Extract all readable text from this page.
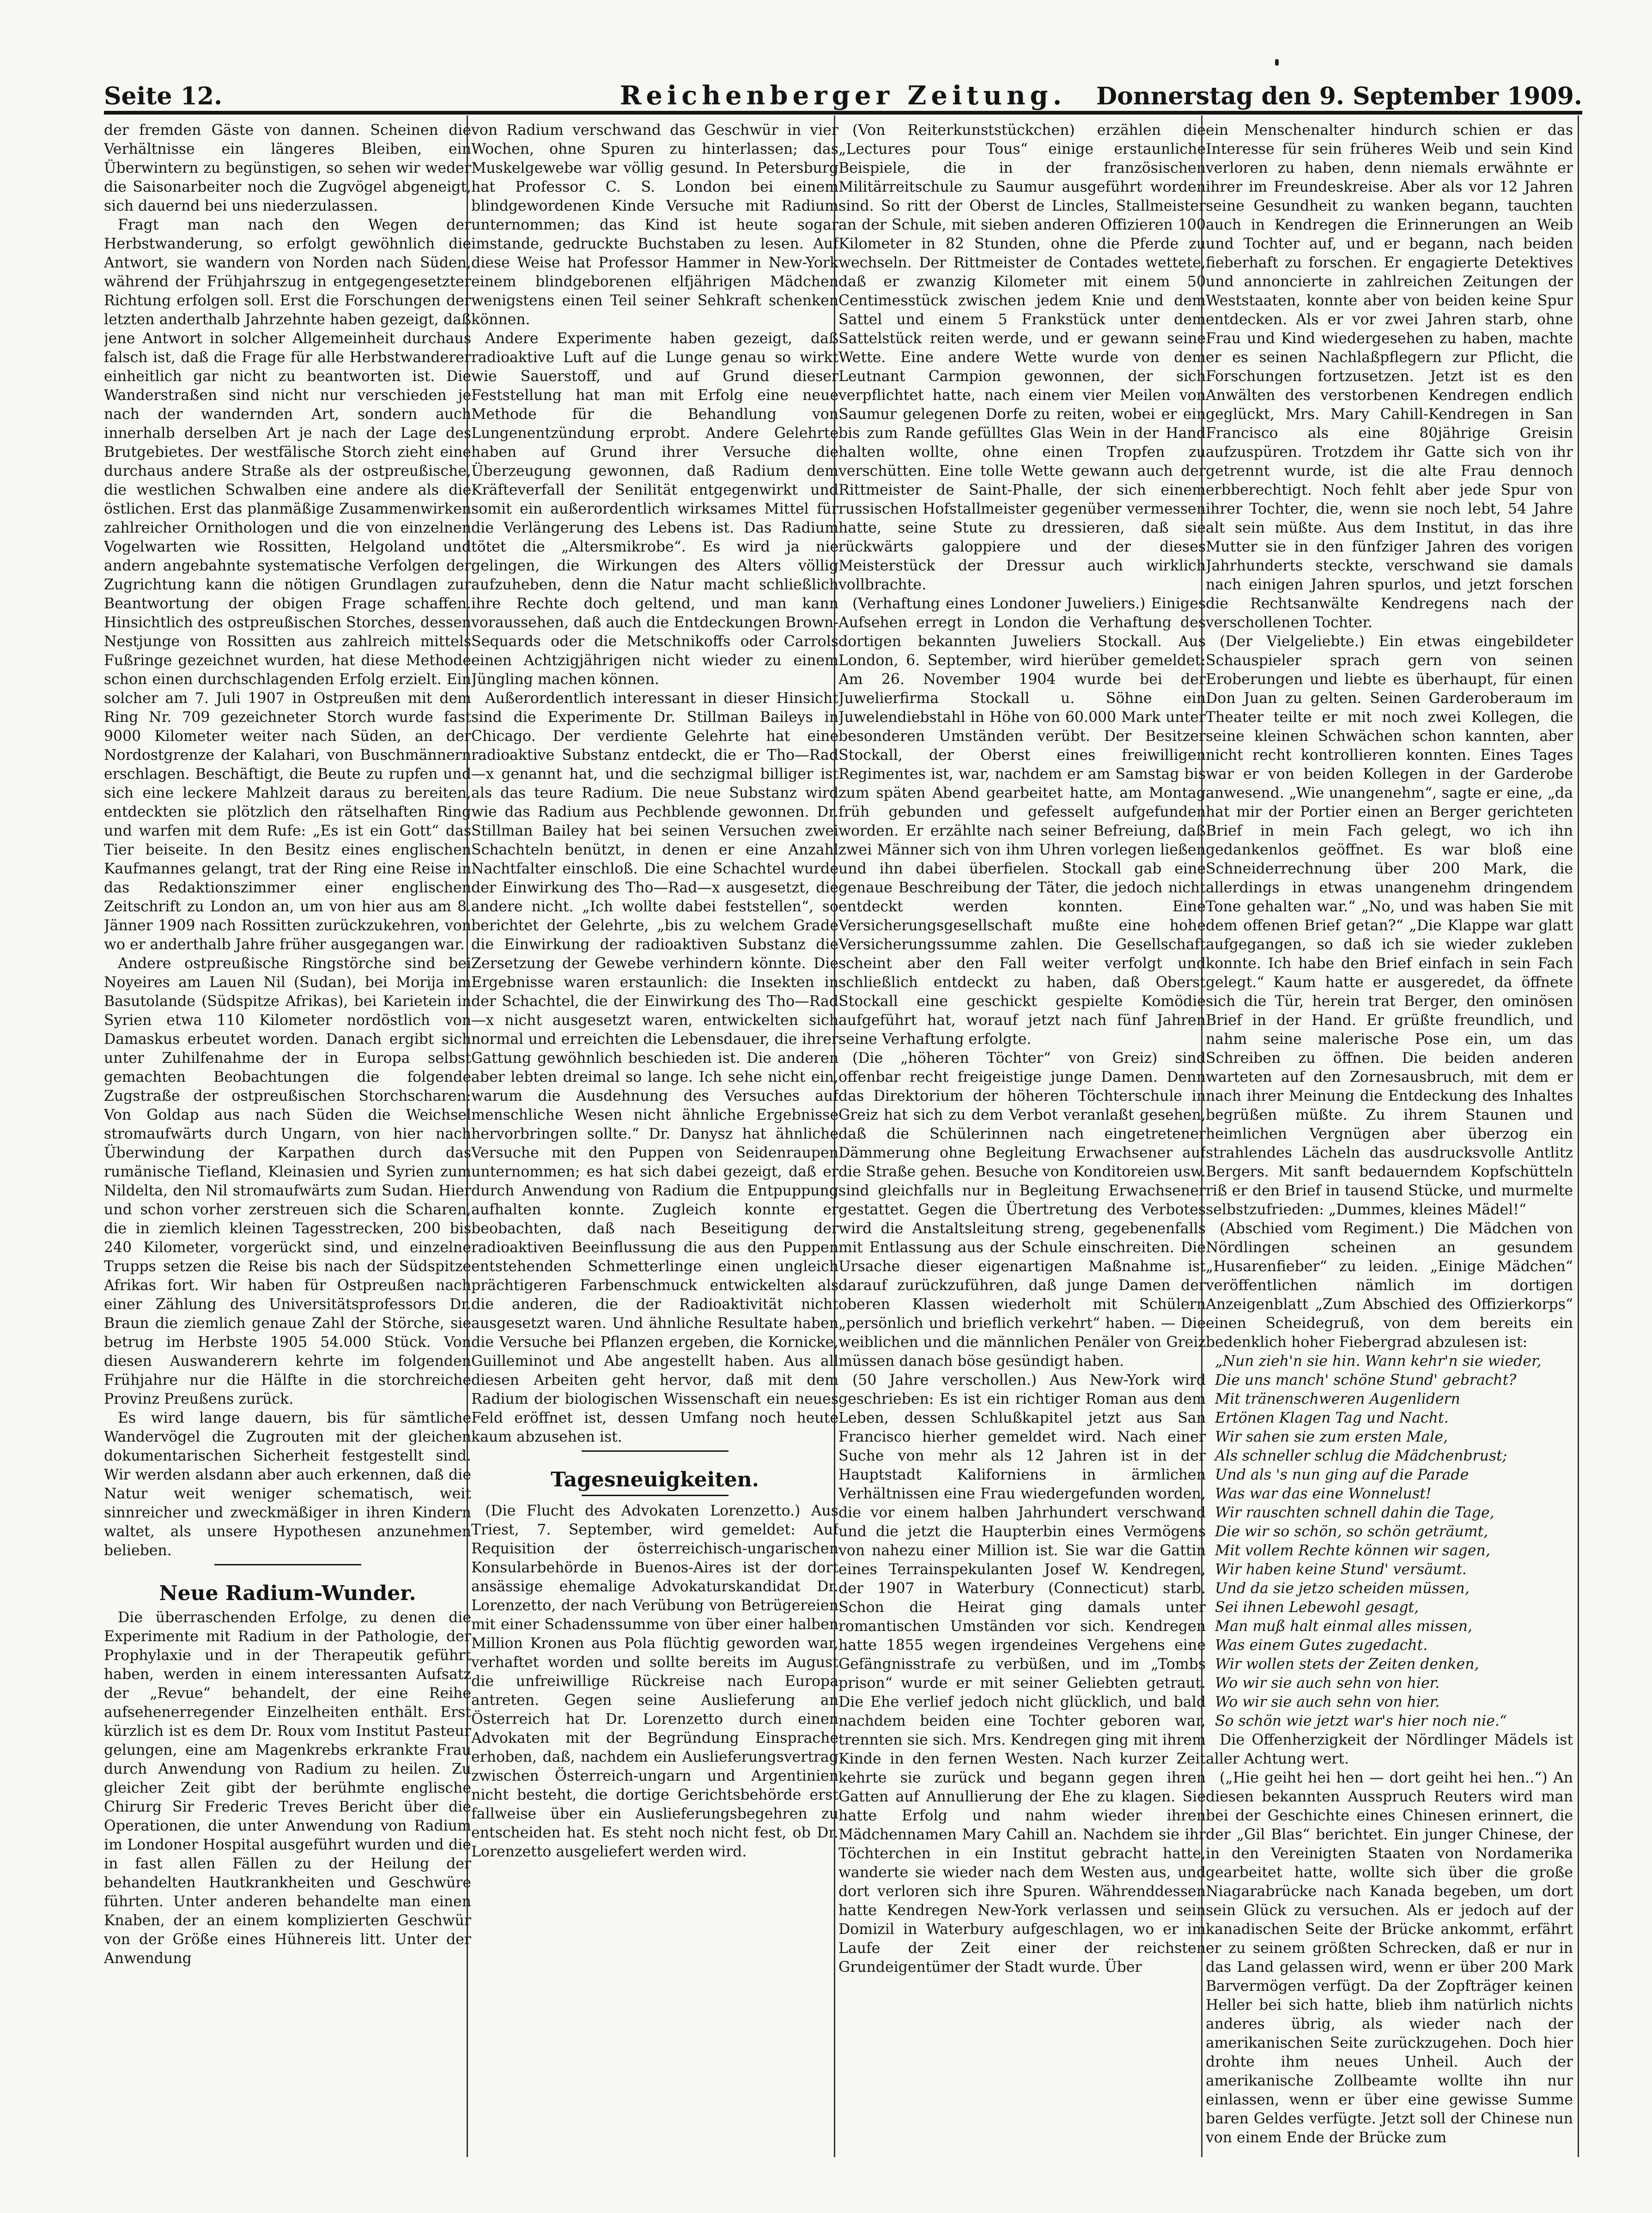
Seite 12.	Reichenberger Zeitung.	Donnerstag den 9. September 1909.

der fremden Gäste von dannen. Scheinen die Verhältnisse ein längeres Bleiben, ein Überwintern zu begünstigen, so sehen wir weder die Saisonarbeiter noch die Zugvögel abgeneigt, sich dauernd bei uns niederzulassen.

Fragt man nach den Wegen der Herbstwanderung, so erfolgt gewöhnlich die Antwort, sie wandern von Norden nach Süden, während der Frühjahrszug in entgegengesetzter Richtung erfolgen soll. Erst die Forschungen der letzten anderthalb Jahrzehnte haben gezeigt, daß jene Antwort in solcher Allgemeinheit durchaus falsch ist, daß die Frage für alle Herbstwanderer einheitlich gar nicht zu beantworten ist. Die Wanderstraßen sind nicht nur verschieden je nach der wandernden Art, sondern auch innerhalb derselben Art je nach der Lage des Brutgebietes. Der westfälische Storch zieht eine durchaus andere Straße als der ostpreußische, die westlichen Schwalben eine andere als die östlichen. Erst das planmäßige Zusammenwirken zahlreicher Ornithologen und die von einzelnen Vogelwarten wie Rossitten, Helgoland und andern angebahnte systematische Verfolgen der Zugrichtung kann die nötigen Grundlagen zur Beantwortung der obigen Frage schaffen. Hinsichtlich des ostpreußischen Storches, dessen Nestjunge von Rossitten aus zahlreich mittels Fußringe gezeichnet wurden, hat diese Methode schon einen durchschlagenden Erfolg erzielt. Ein solcher am 7. Juli 1907 in Ostpreußen mit dem Ring Nr. 709 gezeichneter Storch wurde fast 9000 Kilometer weiter nach Süden, an der Nordostgrenze der Kalahari, von Buschmännern erschlagen. Beschäftigt, die Beute zu rupfen und sich eine leckere Mahlzeit daraus zu bereiten, entdeckten sie plötzlich den rätselhaften Ring und warfen mit dem Rufe: „Es ist ein Gott“ das Tier beiseite. In den Besitz eines englischen Kaufmannes gelangt, trat der Ring eine Reise in das Redaktionszimmer einer englischen Zeitschrift zu London an, um von hier aus am 8. Jänner 1909 nach Rossitten zurückzukehren, von wo er anderthalb Jahre früher ausgegangen war.

Andere ostpreußische Ringstörche sind bei Noyeires am Lauen Nil (Sudan), bei Morija im Basutolande (Südspitze Afrikas), bei Karietein in Syrien etwa 110 Kilometer nordöstlich von Damaskus erbeutet worden. Danach ergibt sich unter Zuhilfenahme der in Europa selbst gemachten Beobachtungen die folgende Zugstraße der ostpreußischen Storchscharen: Von Goldap aus nach Süden die Weichsel stromaufwärts durch Ungarn, von hier nach Überwindung der Karpathen durch das rumänische Tiefland, Kleinasien und Syrien zum Nildelta, den Nil stromaufwärts zum Sudan. Hier und schon vorher zerstreuen sich die Scharen, die in ziemlich kleinen Tagesstrecken, 200 bis 240 Kilometer, vorgerückt sind, und einzelne Trupps setzen die Reise bis nach der Südspitze Afrikas fort. Wir haben für Ostpreußen nach einer Zählung des Universitätsprofessors Dr. Braun die ziemlich genaue Zahl der Störche, sie betrug im Herbste 1905 54.000 Stück. Von diesen Auswanderern kehrte im folgenden Frühjahre nur die Hälfte in die storchreiche Provinz Preußens zurück.

Es wird lange dauern, bis für sämtliche Wandervögel die Zugrouten mit der gleichen dokumentarischen Sicherheit festgestellt sind. Wir werden alsdann aber auch erkennen, daß die Natur weit weniger schematisch, weit sinnreicher und zweckmäßiger in ihren Kindern waltet, als unsere Hypothesen anzunehmen belieben.

Neue Radium-Wunder.

Die überraschenden Erfolge, zu denen die Experimente mit Radium in der Pathologie, der Prophylaxie und in der Therapeutik geführt haben, werden in einem interessanten Aufsatz der „Revue“ behandelt, der eine Reihe aufsehenerregender Einzelheiten enthält. Erst kürzlich ist es dem Dr. Roux vom Institut Pasteur gelungen, eine am Magenkrebs erkrankte Frau durch Anwendung von Radium zu heilen. Zu gleicher Zeit gibt der berühmte englische Chirurg Sir Frederic Treves Bericht über die Operationen, die unter Anwendung von Radium im Londoner Hospital ausgeführt wurden und die in fast allen Fällen zu der Heilung der behandelten Hautkrankheiten und Geschwüre führten. Unter anderen behandelte man einen Knaben, der an einem komplizierten Geschwür von der Größe eines Hühnereis litt. Unter der Anwendung

von Radium verschwand das Geschwür in vier Wochen, ohne Spuren zu hinterlassen; das Muskelgewebe war völlig gesund. In Petersburg hat Professor C. S. London bei einem blindgewordenen Kinde Versuche mit Radium unternommen; das Kind ist heute sogar imstande, gedruckte Buchstaben zu lesen. Auf diese Weise hat Professor Hammer in New-York einem blindgeborenen elfjährigen Mädchen wenigstens einen Teil seiner Sehkraft schenken können.

Andere Experimente haben gezeigt, daß radioaktive Luft auf die Lunge genau so wirkt wie Sauerstoff, und auf Grund dieser Feststellung hat man mit Erfolg eine neue Methode für die Behandlung von Lungenentzündung erprobt. Andere Gelehrte haben auf Grund ihrer Versuche die Überzeugung gewonnen, daß Radium dem Kräfteverfall der Senilität entgegenwirkt und somit ein außerordentlich wirksames Mittel für die Verlängerung des Lebens ist. Das Radium tötet die „Altersmikrobe“. Es wird ja nie gelingen, die Wirkungen des Alters völlig aufzuheben, denn die Natur macht schließlich ihre Rechte doch geltend, und man kann voraussehen, daß auch die Entdeckungen Brown-Sequards oder die Metschnikoffs oder Carrols einen Achtzigjährigen nicht wieder zu einem Jüngling machen können.

Außerordentlich interessant in dieser Hinsicht sind die Experimente Dr. Stillman Baileys in Chicago. Der verdiente Gelehrte hat eine radioaktive Substanz entdeckt, die er Tho—Rad—x genannt hat, und die sechzigmal billiger ist als das teure Radium. Die neue Substanz wird wie das Radium aus Pechblende gewonnen. Dr. Stillman Bailey hat bei seinen Versuchen zwei Schachteln benützt, in denen er eine Anzahl Nachtfalter einschloß. Die eine Schachtel wurde der Einwirkung des Tho—Rad—x ausgesetzt, die andere nicht. „Ich wollte dabei feststellen“, so berichtet der Gelehrte, „bis zu welchem Grade die Einwirkung der radioaktiven Substanz die Zersetzung der Gewebe verhindern könnte. Die Ergebnisse waren erstaunlich: die Insekten in der Schachtel, die der Einwirkung des Tho—Rad—x nicht ausgesetzt waren, entwickelten sich normal und erreichten die Lebensdauer, die ihrer Gattung gewöhnlich beschieden ist. Die anderen aber lebten dreimal so lange. Ich sehe nicht ein, warum die Ausdehnung des Versuches auf menschliche Wesen nicht ähnliche Ergebnisse hervorbringen sollte.“ Dr. Danysz hat ähnliche Versuche mit den Puppen von Seidenraupen unternommen; es hat sich dabei gezeigt, daß er durch Anwendung von Radium die Entpuppung aufhalten konnte. Zugleich konnte er beobachten, daß nach Beseitigung der radioaktiven Beeinflussung die aus den Puppen entstehenden Schmetterlinge einen ungleich prächtigeren Farbenschmuck entwickelten als die anderen, die der Radioaktivität nicht ausgesetzt waren. Und ähnliche Resultate haben die Versuche bei Pflanzen ergeben, die Kornicke, Guilleminot und Abe angestellt haben. Aus all diesen Arbeiten geht hervor, daß mit dem Radium der biologischen Wissenschaft ein neues Feld eröffnet ist, dessen Umfang noch heute kaum abzusehen ist.

Tagesneuigkeiten.

(Die Flucht des Advokaten Lorenzetto.) Aus Triest, 7. September, wird gemeldet: Auf Requisition der österreichisch-ungarischen Konsularbehörde in Buenos-Aires ist der dort ansässige ehemalige Advokaturskandidat Dr. Lorenzetto, der nach Verübung von Betrügereien mit einer Schadenssumme von über einer halben Million Kronen aus Pola flüchtig geworden war, verhaftet worden und sollte bereits im August die unfreiwillige Rückreise nach Europa antreten. Gegen seine Auslieferung an Österreich hat Dr. Lorenzetto durch einen Advokaten mit der Begründung Einsprache erhoben, daß, nachdem ein Auslieferungsvertrag zwischen Österreich-ungarn und Argentinien nicht besteht, die dortige Gerichtsbehörde erst fallweise über ein Auslieferungsbegehren zu entscheiden hat. Es steht noch nicht fest, ob Dr. Lorenzetto ausgeliefert werden wird.

(Von Reiterkunststückchen) erzählen die „Lectures pour Tous“ einige erstaunliche Beispiele, die in der französischen Militärreitschule zu Saumur ausgeführt worden sind. So ritt der Oberst de Lincles, Stallmeister an der Schule, mit sieben anderen Offizieren 100 Kilometer in 82 Stunden, ohne die Pferde zu wechseln. Der Rittmeister de Contades wettete, daß er zwanzig Kilometer mit einem 50 Centimesstück zwischen jedem Knie und dem Sattel und einem 5 Frankstück unter dem Sattelstück reiten werde, und er gewann seine Wette. Eine andere Wette wurde von dem Leutnant Carmpion gewonnen, der sich verpflichtet hatte, nach einem vier Meilen von Saumur gelegenen Dorfe zu reiten, wobei er ein bis zum Rande gefülltes Glas Wein in der Hand halten wollte, ohne einen Tropfen zu verschütten. Eine tolle Wette gewann auch der Rittmeister de Saint-Phalle, der sich einem russischen Hofstallmeister gegenüber vermessen hatte, seine Stute zu dressieren, daß sie rückwärts galoppiere und der dieses Meisterstück der Dressur auch wirklich vollbrachte.

(Verhaftung eines Londoner Juweliers.) Einiges Aufsehen erregt in London die Verhaftung des dortigen bekannten Juweliers Stockall. Aus London, 6. September, wird hierüber gemeldet: Am 26. November 1904 wurde bei der Juwelierfirma Stockall u. Söhne ein Juwelendiebstahl in Höhe von 60.000 Mark unter besonderen Umständen verübt. Der Besitzer Stockall, der Oberst eines freiwilligen Regimentes ist, war, nachdem er am Samstag bis zum späten Abend gearbeitet hatte, am Montag früh gebunden und gefesselt aufgefunden worden. Er erzählte nach seiner Befreiung, daß zwei Männer sich von ihm Uhren vorlegen ließen und ihn dabei überfielen. Stockall gab eine genaue Beschreibung der Täter, die jedoch nicht entdeckt werden konnten. Eine Versicherungsgesellschaft mußte eine hohe Versicherungssumme zahlen. Die Gesellschaft scheint aber den Fall weiter verfolgt und schließlich entdeckt zu haben, daß Oberst Stockall eine geschickt gespielte Komödie aufgeführt hat, worauf jetzt nach fünf Jahren seine Verhaftung erfolgte.

(Die „höheren Töchter“ von Greiz) sind offenbar recht freigeistige junge Damen. Denn das Direktorium der höheren Töchterschule in Greiz hat sich zu dem Verbot veranlaßt gesehen, daß die Schülerinnen nach eingetretener Dämmerung ohne Begleitung Erwachsener auf die Straße gehen. Besuche von Konditoreien usw. sind gleichfalls nur in Begleitung Erwachsener gestattet. Gegen die Übertretung des Verbotes wird die Anstaltsleitung streng, gegebenenfalls mit Entlassung aus der Schule einschreiten. Die Ursache dieser eigenartigen Maßnahme ist darauf zurückzuführen, daß junge Damen der oberen Klassen wiederholt mit Schülern „persönlich und brieflich verkehrt“ haben. — Die weiblichen und die männlichen Penäler von Greiz müssen danach böse gesündigt haben.

(50 Jahre verschollen.) Aus New-York wird geschrieben: Es ist ein richtiger Roman aus dem Leben, dessen Schlußkapitel jetzt aus San Francisco hierher gemeldet wird. Nach einer Suche von mehr als 12 Jahren ist in der Hauptstadt Kaliforniens in ärmlichen Verhältnissen eine Frau wiedergefunden worden, die vor einem halben Jahrhundert verschwand und die jetzt die Haupterbin eines Vermögens von nahezu einer Million ist. Sie war die Gattin eines Terrainspekulanten Josef W. Kendregen, der 1907 in Waterbury (Connecticut) starb. Schon die Heirat ging damals unter romantischen Umständen vor sich. Kendregen hatte 1855 wegen irgendeines Vergehens eine Gefängnisstrafe zu verbüßen, und im „Tombs prison“ wurde er mit seiner Geliebten getraut. Die Ehe verlief jedoch nicht glücklich, und bald nachdem beiden eine Tochter geboren war, trennten sie sich. Mrs. Kendregen ging mit ihrem Kinde in den fernen Westen. Nach kurzer Zeit kehrte sie zurück und begann gegen ihren Gatten auf Annullierung der Ehe zu klagen. Sie hatte Erfolg und nahm wieder ihren Mädchennamen Mary Cahill an. Nachdem sie ihr Töchterchen in ein Institut gebracht hatte, wanderte sie wieder nach dem Westen aus, und dort verloren sich ihre Spuren. Währenddessen hatte Kendregen New-York verlassen und sein Domizil in Waterbury aufgeschlagen, wo er im Laufe der Zeit einer der reichsten Grundeigentümer der Stadt wurde. Über

ein Menschenalter hindurch schien er das Interesse für sein früheres Weib und sein Kind verloren zu haben, denn niemals erwähnte er ihrer im Freundeskreise. Aber als vor 12 Jahren seine Gesundheit zu wanken begann, tauchten auch in Kendregen die Erinnerungen an Weib und Tochter auf, und er begann, nach beiden fieberhaft zu forschen. Er engagierte Detektives und annoncierte in zahlreichen Zeitungen der Weststaaten, konnte aber von beiden keine Spur entdecken. Als er vor zwei Jahren starb, ohne Frau und Kind wiedergesehen zu haben, machte er es seinen Nachlaßpflegern zur Pflicht, die Forschungen fortzusetzen. Jetzt ist es den Anwälten des verstorbenen Kendregen endlich geglückt, Mrs. Mary Cahill-Kendregen in San Francisco als eine 80jährige Greisin aufzuspüren. Trotzdem ihr Gatte sich von ihr getrennt wurde, ist die alte Frau dennoch erbberechtigt. Noch fehlt aber jede Spur von ihrer Tochter, die, wenn sie noch lebt, 54 Jahre alt sein müßte. Aus dem Institut, in das ihre Mutter sie in den fünfziger Jahren des vorigen Jahrhunderts steckte, verschwand sie damals nach einigen Jahren spurlos, und jetzt forschen die Rechtsanwälte Kendregens nach der verschollenen Tochter.

(Der Vielgeliebte.) Ein etwas eingebildeter Schauspieler sprach gern von seinen Eroberungen und liebte es überhaupt, für einen Don Juan zu gelten. Seinen Garderoberaum im Theater teilte er mit noch zwei Kollegen, die seine kleinen Schwächen schon kannten, aber nicht recht kontrollieren konnten. Eines Tages war er von beiden Kollegen in der Garderobe anwesend. „Wie unangenehm“, sagte er eine, „da hat mir der Portier einen an Berger gerichteten Brief in mein Fach gelegt, wo ich ihn gedankenlos geöffnet. Es war bloß eine Schneiderrechnung über 200 Mark, die allerdings in etwas unangenehm dringendem Tone gehalten war.“ „No, und was haben Sie mit dem offenen Brief getan?“ „Die Klappe war glatt aufgegangen, so daß ich sie wieder zukleben konnte. Ich habe den Brief einfach in sein Fach gelegt.“ Kaum hatte er ausgeredet, da öffnete sich die Tür, herein trat Berger, den ominösen Brief in der Hand. Er grüßte freundlich, und nahm seine malerische Pose ein, um das Schreiben zu öffnen. Die beiden anderen warteten auf den Zornesausbruch, mit dem er nach ihrer Meinung die Entdeckung des Inhaltes begrüßen müßte. Zu ihrem Staunen und heimlichen Vergnügen aber überzog ein strahlendes Lächeln das ausdrucksvolle Antlitz Bergers. Mit sanft bedauerndem Kopfschütteln riß er den Brief in tausend Stücke, und murmelte selbstzufrieden: „Dummes, kleines Mädel!“

(Abschied vom Regiment.) Die Mädchen von Nördlingen scheinen an gesundem „Husarenfieber“ zu leiden. „Einige Mädchen“ veröffentlichen nämlich im dortigen Anzeigenblatt „Zum Abschied des Offizierkorps“ einen Scheidegruß, von dem bereits ein bedenklich hoher Fiebergrad abzulesen ist:

„Nun zieh'n sie hin. Wann kehr'n sie wieder,

Die uns manch' schöne Stund' gebracht?

Mit tränenschweren Augenlidern

Ertönen Klagen Tag und Nacht.

Wir sahen sie zum ersten Male,

Als schneller schlug die Mädchenbrust;

Und als 's nun ging auf die Parade

Was war das eine Wonnelust!

Wir rauschten schnell dahin die Tage,

Die wir so schön, so schön geträumt,

Mit vollem Rechte können wir sagen,

Wir haben keine Stund' versäumt.

Und da sie jetzo scheiden müssen,

Sei ihnen Lebewohl gesagt,

Man muß halt einmal alles missen,

Was einem Gutes zugedacht.

Wir wollen stets der Zeiten denken,

Wo wir sie auch sehn von hier.

Wo wir sie auch sehn von hier.

So schön wie jetzt war's hier noch nie.“

Die Offenherzigkeit der Nördlinger Mädels ist aller Achtung wert.

(„Hie geiht hei hen — dort geiht hei hen..“) An diesen bekannten Ausspruch Reuters wird man bei der Geschichte eines Chinesen erinnert, die der „Gil Blas“ berichtet. Ein junger Chinese, der in den Vereinigten Staaten von Nordamerika gearbeitet hatte, wollte sich über die große Niagarabrücke nach Kanada begeben, um dort sein Glück zu versuchen. Als er jedoch auf der kanadischen Seite der Brücke ankommt, erfährt er zu seinem größten Schrecken, daß er nur in das Land gelassen wird, wenn er über 200 Mark Barvermögen verfügt. Da der Zopfträger keinen Heller bei sich hatte, blieb ihm natürlich nichts anderes übrig, als wieder nach der amerikanischen Seite zurückzugehen. Doch hier drohte ihm neues Unheil. Auch der amerikanische Zollbeamte wollte ihn nur einlassen, wenn er über eine gewisse Summe baren Geldes verfügte. Jetzt soll der Chinese nun von einem Ende der Brücke zum
